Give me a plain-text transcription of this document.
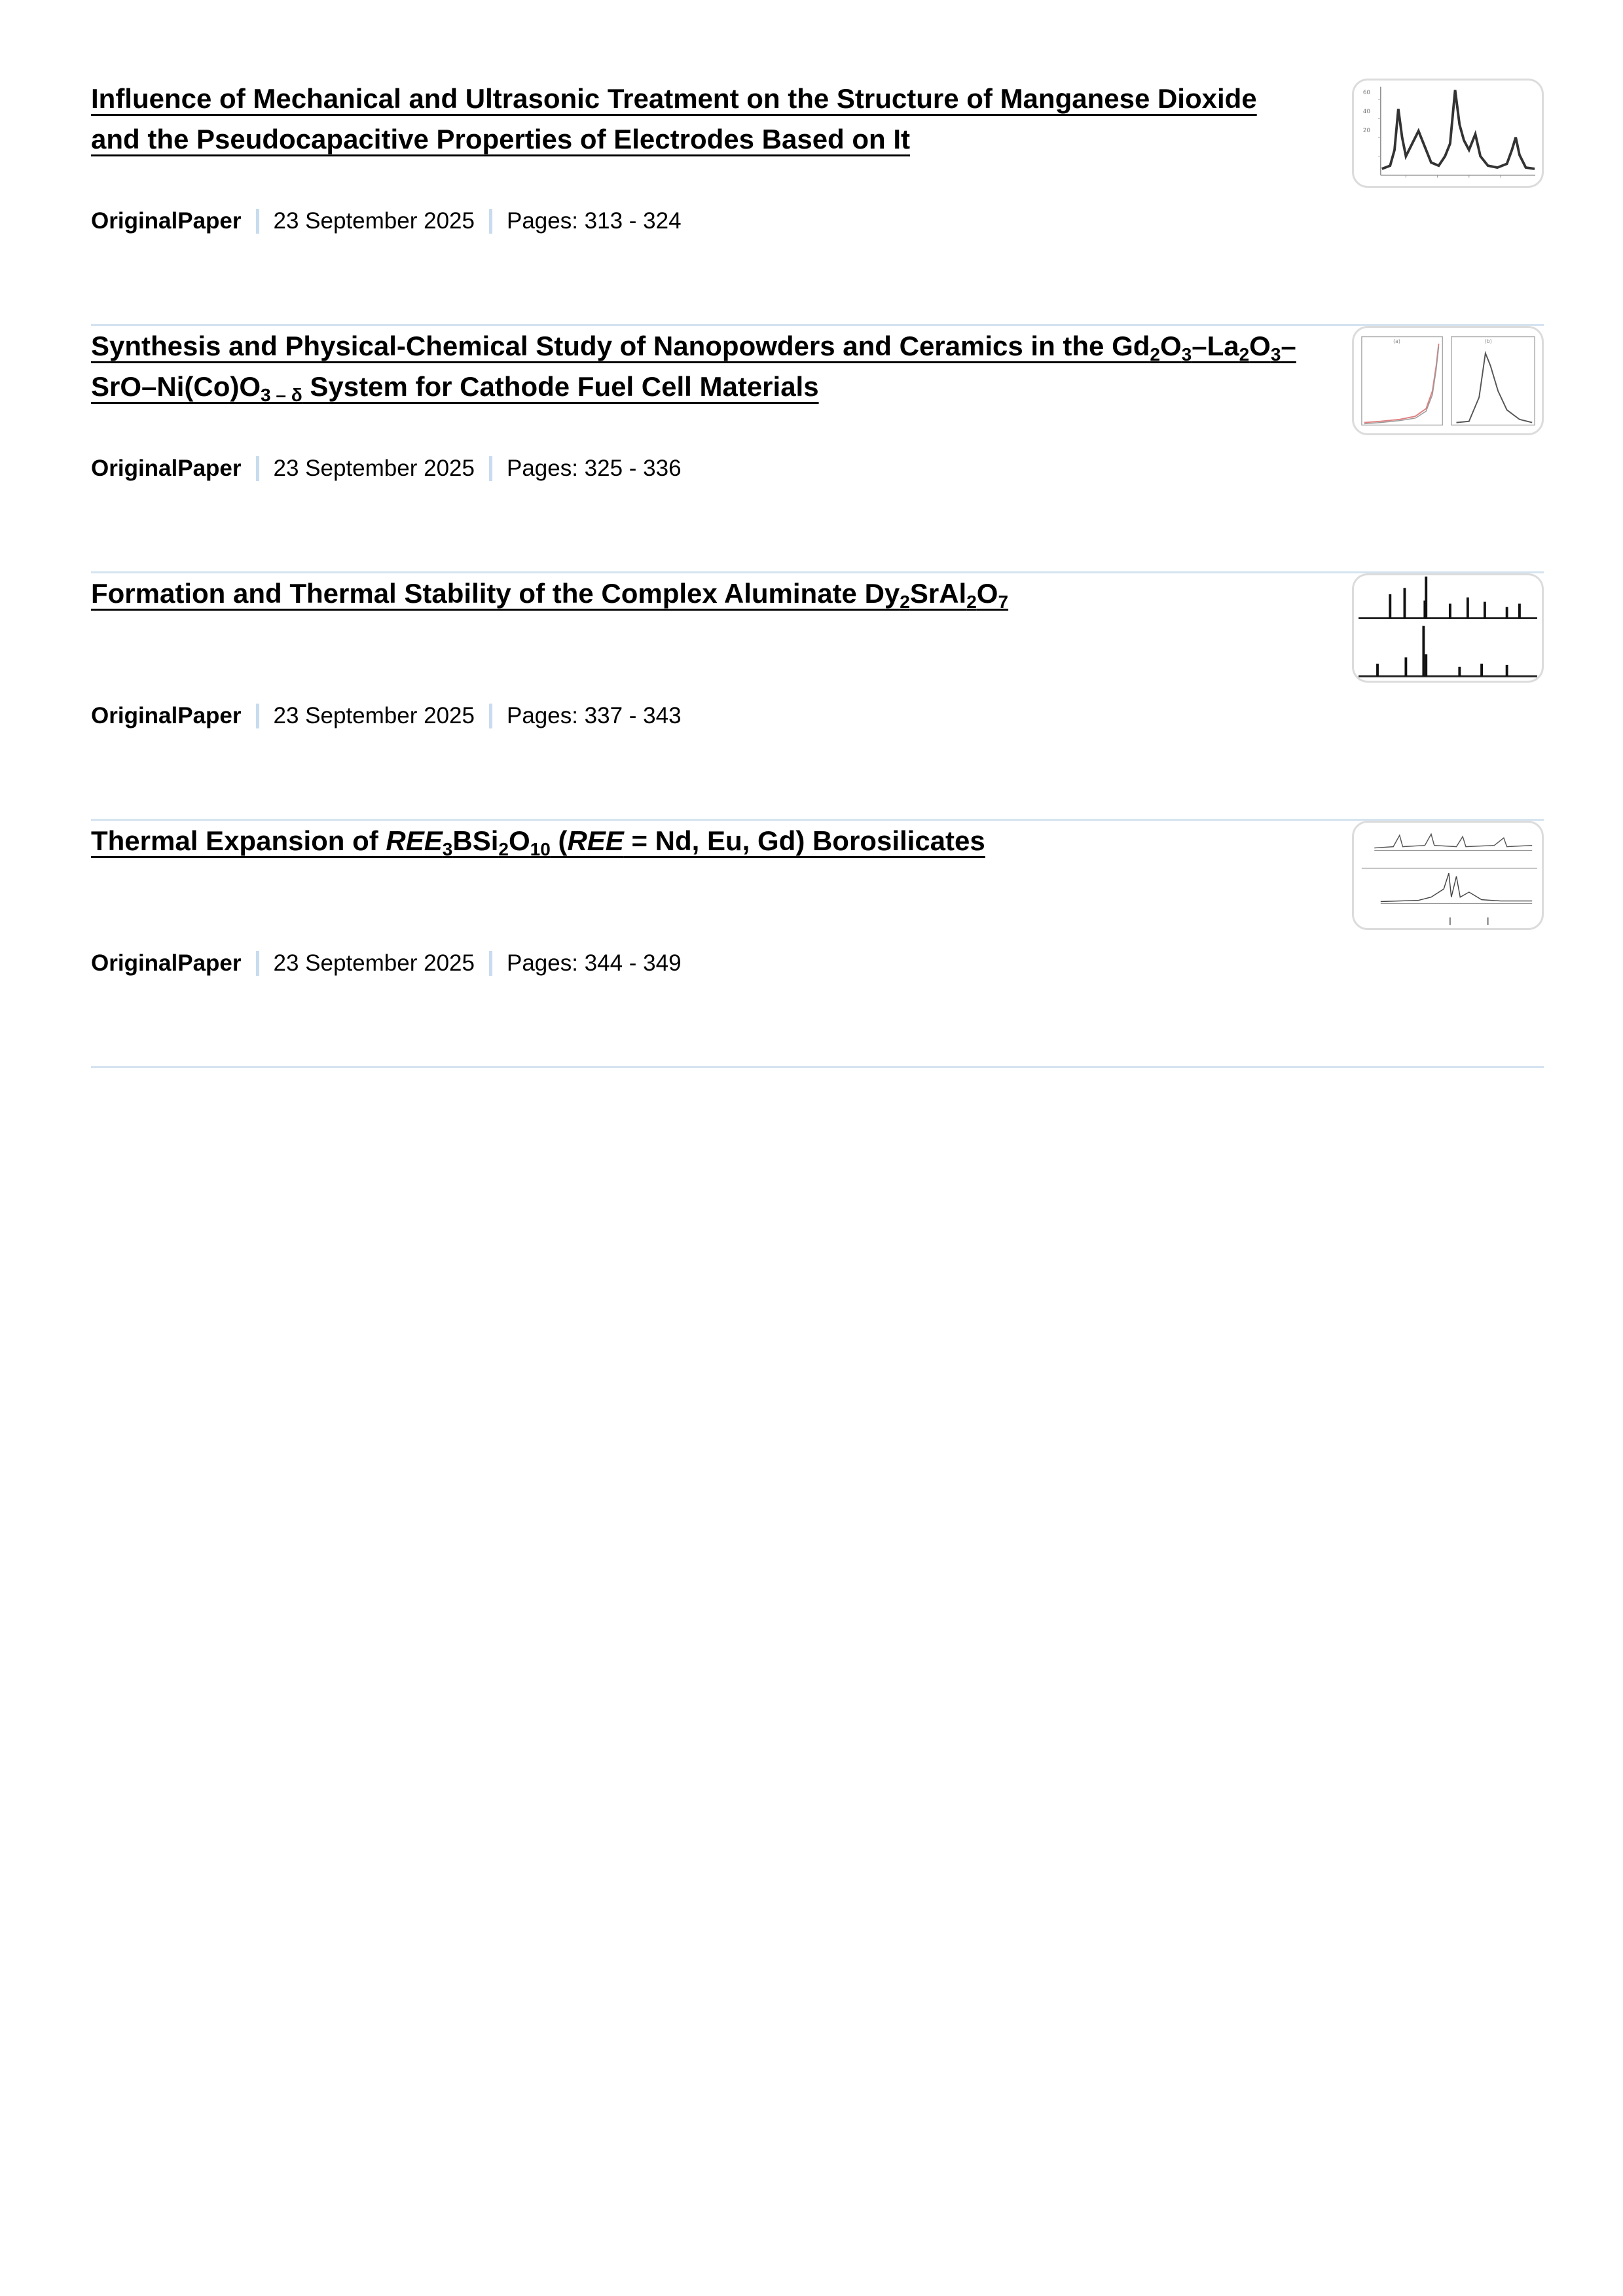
Influence of Mechanical and Ultrasonic Treatment on the Structure of Manganese Dioxide and the Pseudocapacitive Properties of Electrodes Based on It
OriginalPaper 23 September 2025 Pages: 313 - 324
60
40
20
Synthesis and Physical-Chemical Study of Nanopowders and Ceramics in the $Gd_2O_3-La_2O_3-SrO-Ni(Co)O_{3 - \delta}$ System for Cathode Fuel Cell Materials
OriginalPaper 23 September 2025 Pages: 325 - 336
(a)	(b)
Formation and Thermal Stability of the Complex Aluminate $Dy_2SrAl_2O_7$
OriginalPaper 23 September 2025 Pages: 337 - 343
Thermal Expansion of $REE_3BSi_2O_{10}$ (REE = Nd, Eu, Gd) Borosilicates
OriginalPaper 23 September 2025 Pages: 344 - 349
